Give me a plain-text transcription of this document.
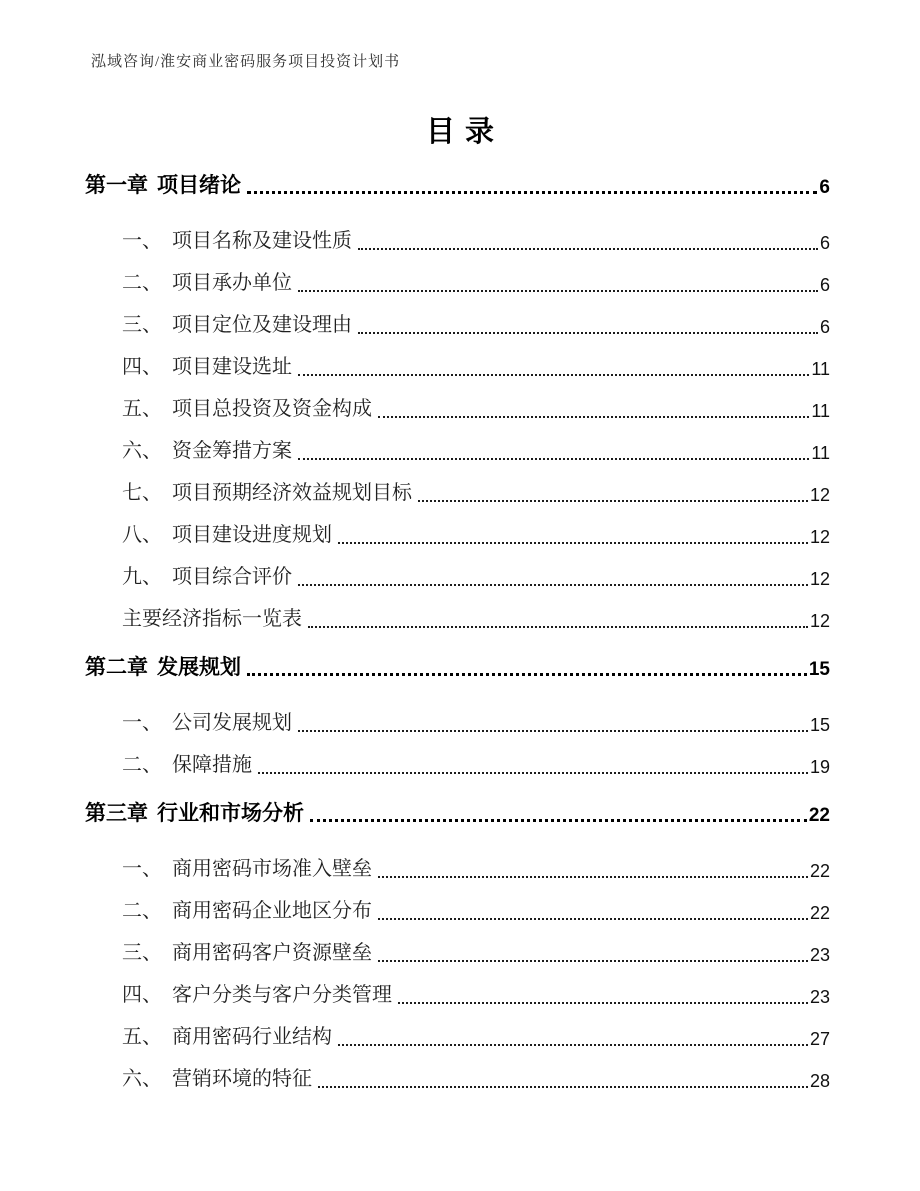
泓域咨询/淮安商业密码服务项目投资计划书
目录
第一章 项目绪论	6
一、 项目名称及建设性质	6
二、 项目承办单位	6
三、 项目定位及建设理由	6
四、 项目建设选址	11
五、 项目总投资及资金构成	11
六、 资金筹措方案	11
七、 项目预期经济效益规划目标	12
八、 项目建设进度规划	12
九、 项目综合评价	12
主要经济指标一览表	12
第二章 发展规划	15
一、 公司发展规划	15
二、 保障措施	19
第三章 行业和市场分析	22
一、 商用密码市场准入壁垒	22
二、 商用密码企业地区分布	22
三、 商用密码客户资源壁垒	23
四、 客户分类与客户分类管理	23
五、 商用密码行业结构	27
六、 营销环境的特征	28
